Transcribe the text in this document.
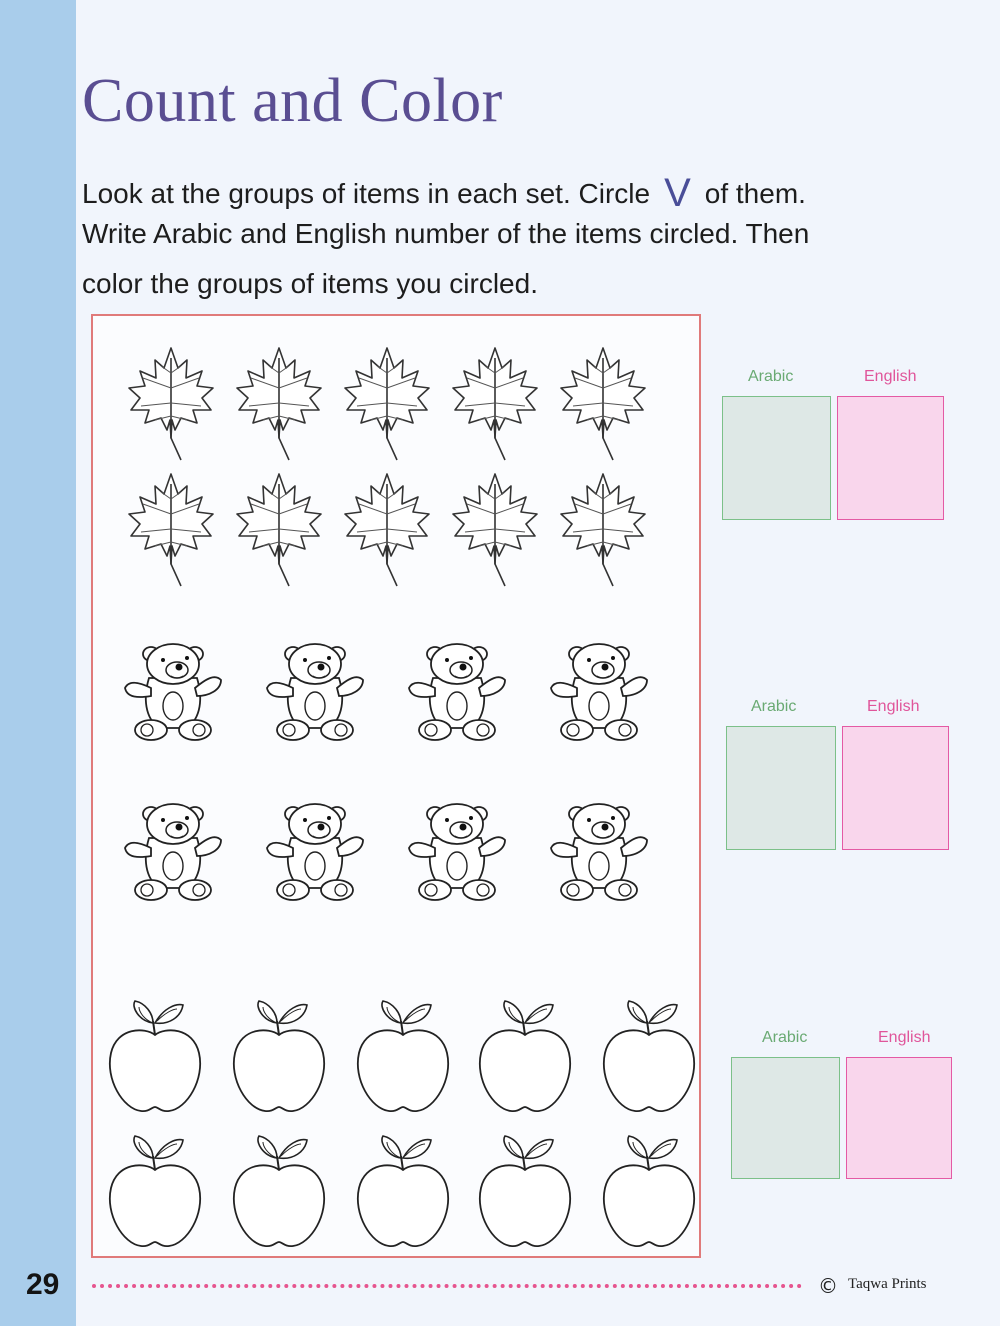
Count and Color
Look at the groups of items in each set. Circle V of them.
Write Arabic and English number of the items circled. Then
color the groups of items you circled.
Arabic	English
Arabic	English
Arabic	English
29	© Taqwa Prints
